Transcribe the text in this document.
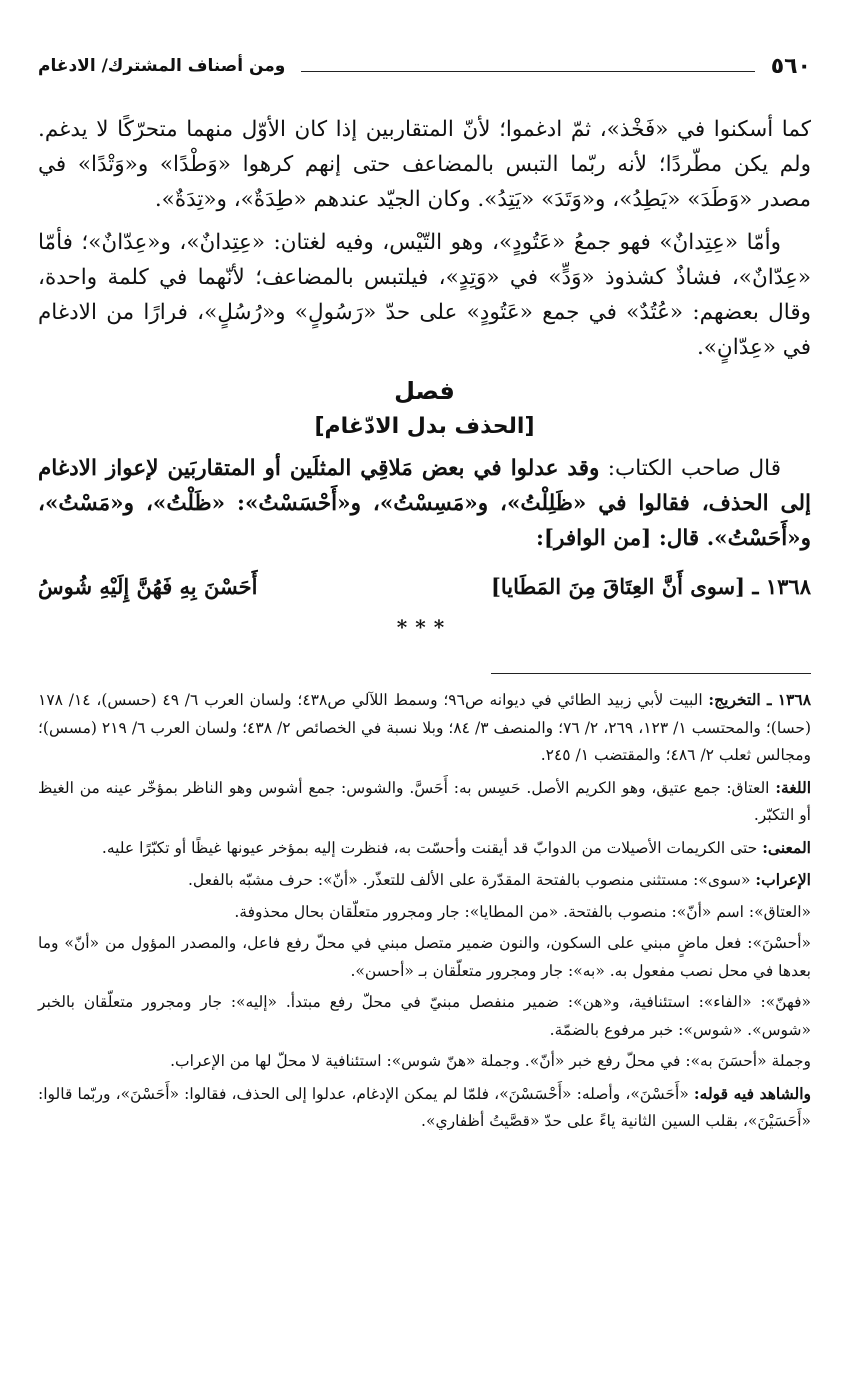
٥٦٠
ومن أصناف المشترك/ الادغام

كما أسكنوا في «فَخْذ»، ثمّ ادغموا؛ لأنّ المتقاربين إذا كان الأوّل منهما متحرّكًا لا يدغم. ولم يكن مطّردًا؛ لأنه ربّما التبس بالمضاعف حتى إنهم كرهوا «وَطْدًا» و«وَتْدًا» في مصدر «وَطَدَ» «يَطِدُ»، و«وَتَدَ» «يَتِدُ». وكان الجيّد عندهم «طِدَةٌ»، و«تِدَةٌ».

وأمّا «عِتِدانٌ» فهو جمعُ «عَتُودٍ»، وهو التّيْس، وفيه لغتان: «عِتِدانٌ»، و«عِدّانٌ»؛ فأمّا «عِدّانٌ»، فشاذٌ كشذوذ «وَدٍّ» في «وَتِدٍ»، فيلتبس بالمضاعف؛ لأنّهما في كلمة واحدة، وقال بعضهم: «عُتُدٌ» في جمع «عَتُودٍ» على حدّ «رَسُولٍ» و«رُسُلٍ»، فرارًا من الادغام في «عِدّانٍ».

فصل
[الحذف بدل الادّغام]

قال صاحب الكتاب: وقد عدلوا في بعض مَلاقِي المثلَين أو المتقاربَين لإعواز الادغام إلى الحذف، فقالوا في «ظَلِلْتُ»، و«مَسِسْتُ»، و«أَحْسَسْتُ»: «ظَلْتُ»، و«مَسْتُ»، و«أَحَسْتُ». قال: [من الوافر]:

١٣٦٨ ـ [سوى أَنَّ العِتَاقَ مِنَ المَطَايا]
أَحَسْنَ بِهِ فَهُنَّ إِلَيْهِ شُوسُ
***

١٣٦٨ ـ التخريج: البيت لأبي زبيد الطائي في ديوانه ص٩٦؛ وسمط اللآلي ص٤٣٨؛ ولسان العرب ٦/ ٤٩ (حسس)، ١٤/ ١٧٨ (حسا)؛ والمحتسب ١/ ١٢٣، ٢٦٩، ٢/ ٧٦؛ والمنصف ٣/ ٨٤؛ وبلا نسبة في الخصائص ٢/ ٤٣٨؛ ولسان العرب ٦/ ٢١٩ (مسس)؛ ومجالس ثعلب ٢/ ٤٨٦؛ والمقتضب ١/ ٢٤٥.

اللغة: العتاق: جمع عتيق، وهو الكريم الأصل. حَسِس به: أَحَسَّ. والشوس: جمع أشوس وهو الناظر بمؤخّر عينه من الغيظ أو التكبّر.

المعنى: حتى الكريمات الأصيلات من الدوابّ قد أيقنت وأحسّت به، فنظرت إليه بمؤخر عيونها غيظًا أو تكبّرًا عليه.

الإعراب: «سوى»: مستثنى منصوب بالفتحة المقدّرة على الألف للتعذّر. «أنّ»: حرف مشبّه بالفعل.

«العتاق»: اسم «أنّ»: منصوب بالفتحة. «من المطايا»: جار ومجرور متعلّقان بحال محذوفة.

«أحسْنَ»: فعل ماضٍ مبني على السكون، والنون ضمير متصل مبني في محلّ رفع فاعل، والمصدر المؤول من «أنّ» وما بعدها في محل نصب مفعول به. «به»: جار ومجرور متعلّقان بـ «أحسن».

«فهنّ»: «الفاء»: استئنافية، و«هن»: ضمير منفصل مبنيّ في محلّ رفع مبتدأ. «إليه»: جار ومجرور متعلّقان بالخبر «شوس». «شوس»: خبر مرفوع بالضمّة.

وجملة «أحسَنَ به»: في محلّ رفع خبر «أنّ». وجملة «هنّ شوس»: استئنافية لا محلّ لها من الإعراب.

والشاهد فيه قوله: «أَحَسْنَ»، وأصله: «أَحْسَسْنَ»، فلمّا لم يمكن الإدغام، عدلوا إلى الحذف، فقالوا: «أَحَسْنَ»، وربّما قالوا: «أَحَسَيْنَ»، بقلب السين الثانية ياءً على حدّ «قصَّيتُ أظفاري».
